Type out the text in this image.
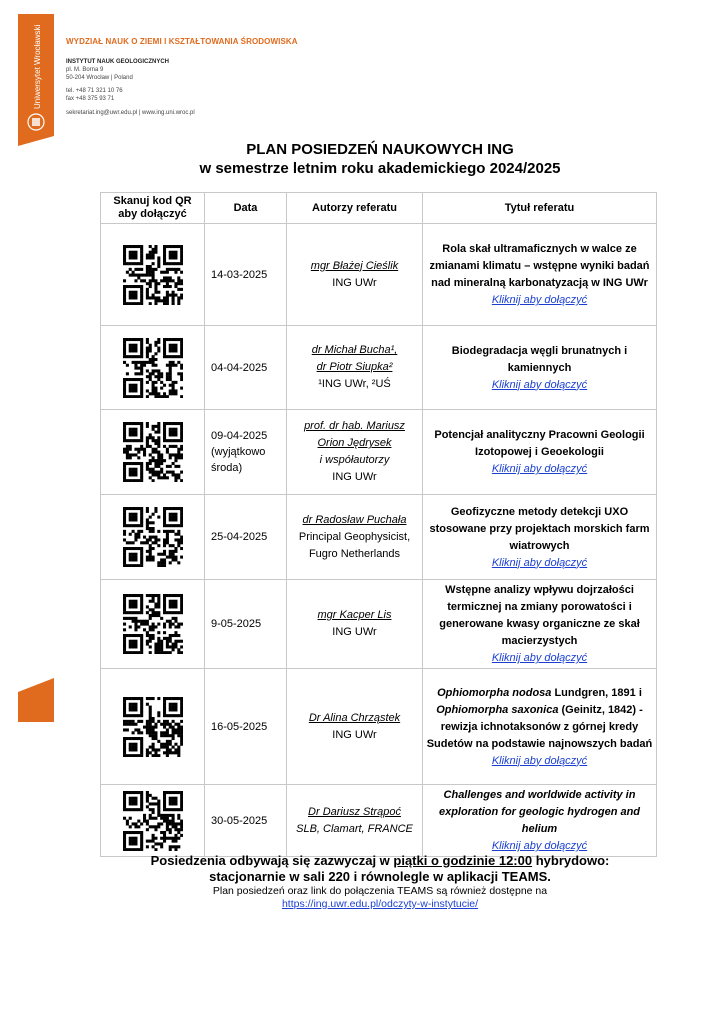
Uniwersytet Wrocławski	WYDZIAŁ NAUK O ZIEMI I KSZTAŁTOWANIA ŚRODOWISKA
INSTYTUT NAUK GEOLOGICZNYCH
pl. M. Borna 9
50-204 Wrocław | Poland
tel. +48 71 321 10 76
fax +48 375 93 71
sekretariat.ing@uwr.edu.pl | www.ing.uni.wroc.pl
PLAN POSIEDZEŃ NAUKOWYCH ING
w semestrze letnim roku akademickiego 2024/2025
Skanuj kod QR aby dołączyć	Data	Autorzy referatu	Tytuł referatu

	14-03-2025	mgr Błażej Cieślik
ING UWr	Rola skał ultramaficznych w walce ze zmianami klimatu – wstępne wyniki badań nad mineralną karbonatyzacją w ING UWr
Kliknij aby dołączyć

	04-04-2025	dr Michał Bucha¹,
dr Piotr Siupka²
¹ING UWr, ²UŚ	Biodegradacja węgli brunatnych i kamiennych
Kliknij aby dołączyć

	09-04-2025
(wyjątkowo środa)	prof. dr hab. Mariusz Orion Jędrysek
i współautorzy
ING UWr	Potencjał analityczny Pracowni Geologii Izotopowej i Geoekologii
Kliknij aby dołączyć

	25-04-2025	dr Radosław Puchała
Principal Geophysicist, Fugro Netherlands	Geofizyczne metody detekcji UXO stosowane przy projektach morskich farm wiatrowych
Kliknij aby dołączyć

	9-05-2025	mgr Kacper Lis
ING UWr	Wstępne analizy wpływu dojrzałości termicznej na zmiany porowatości i generowane kwasy organiczne ze skał macierzystych
Kliknij aby dołączyć

	16-05-2025	Dr Alina Chrząstek
ING UWr	Ophiomorpha nodosa Lundgren, 1891 i Ophiomorpha saxonica (Geinitz, 1842) - rewizja ichnotaksonów z górnej kredy Sudetów na podstawie najnowszych badań
Kliknij aby dołączyć

	30-05-2025	Dr Dariusz Strąpoć
SLB, Clamart, FRANCE	Challenges and worldwide activity in exploration for geologic hydrogen and helium
Kliknij aby dołączyć
Posiedzenia odbywają się zazwyczaj w piątki o godzinie 12:00 hybrydowo:
stacjonarnie w sali 220 i równolegle w aplikacji TEAMS.
Plan posiedzeń oraz link do połączenia TEAMS są również dostępne na
https://ing.uwr.edu.pl/odczyty-w-instytucie/
